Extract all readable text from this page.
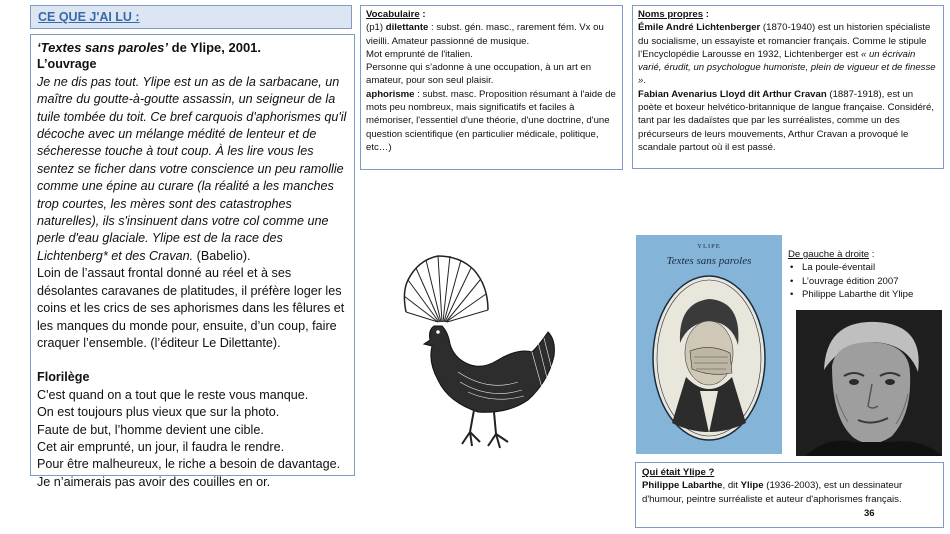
CE QUE J'AI LU :

‘Textes sans paroles’ de Ylipe, 2001.

L’ouvrage

Je ne dis pas tout. Ylipe est un as de la sarbacane, un maître du goutte-à-goutte assassin, un seigneur de la tuile tombée du toit. Ce bref carquois d'aphorismes qu'il décoche avec un mélange médité de lenteur et de sécheresse touche à tout coup. À les lire vous les sentez se ficher dans votre conscience un peu ramollie comme une épine au curare (la réalité a les manches trop courtes, les mères sont des catastrophes naturelles), ils s'insinuent dans votre col comme une perle d'eau glaciale. Ylipe est de la race des Lichtenberg* et des Cravan. (Babelio).

Loin de l’assaut frontal donné au réel et à ses désolantes caravanes de platitudes, il préfère loger les coins et les crics de ses aphorismes dans les fêlures et les manques du monde pour, ensuite, d’un coup, faire craquer l’ensemble. (l’éditeur Le Dilettante).

Florilège

C'est quand on a tout que le reste vous manque.

On est toujours plus vieux que sur la photo.

Faute de but, l’homme devient une cible.

Cet air emprunté, un jour, il faudra le rendre.

Pour être malheureux, le riche a besoin de davantage.

Je n’aimerais pas avoir des couilles en or.

Vocabulaire :
(p1) dilettante : subst. gén. masc., rarement fém. Vx ou vieilli. Amateur passionné de musique.
Mot emprunté de l'italien.
Personne qui s’adonne à une occupation, à un art en amateur, pour son seul plaisir.
aphorisme : subst. masc. Proposition résumant à l'aide de mots peu nombreux, mais significatifs et faciles à mémoriser, l'essentiel d'une théorie, d'une doctrine, d'une question scientifique (en particulier médicale, politique, etc…)
Noms propres :
Émile André Lichtenberger (1870-1940) est un historien spécialiste du socialisme, un essayiste et romancier français. Comme le stipule l’Encyclopédie Larousse en 1932, Lichtenberger est « un écrivain varié, érudit, un psychologue humoriste, plein de vigueur et de finesse ».
Fabian Avenarius Lloyd dit Arthur Cravan (1887-1918), est un poète et boxeur helvético-britannique de langue française. Considéré, tant par les dadaïstes que par les surréalistes, comme un des précurseurs de leurs mouvements, Arthur Cravan a provoqué le scandale partout où il est passé.
YLIPE
Textes sans paroles
De gauche à droite :
• La poule-éventail
• L’ouvrage édition 2007
• Philippe Labarthe dit Ylipe
Qui était Ylipe ?
Philippe Labarthe, dit Ylipe (1936-2003), est un dessinateur d'humour, peintre surréaliste et auteur d'aphorismes français.
36
